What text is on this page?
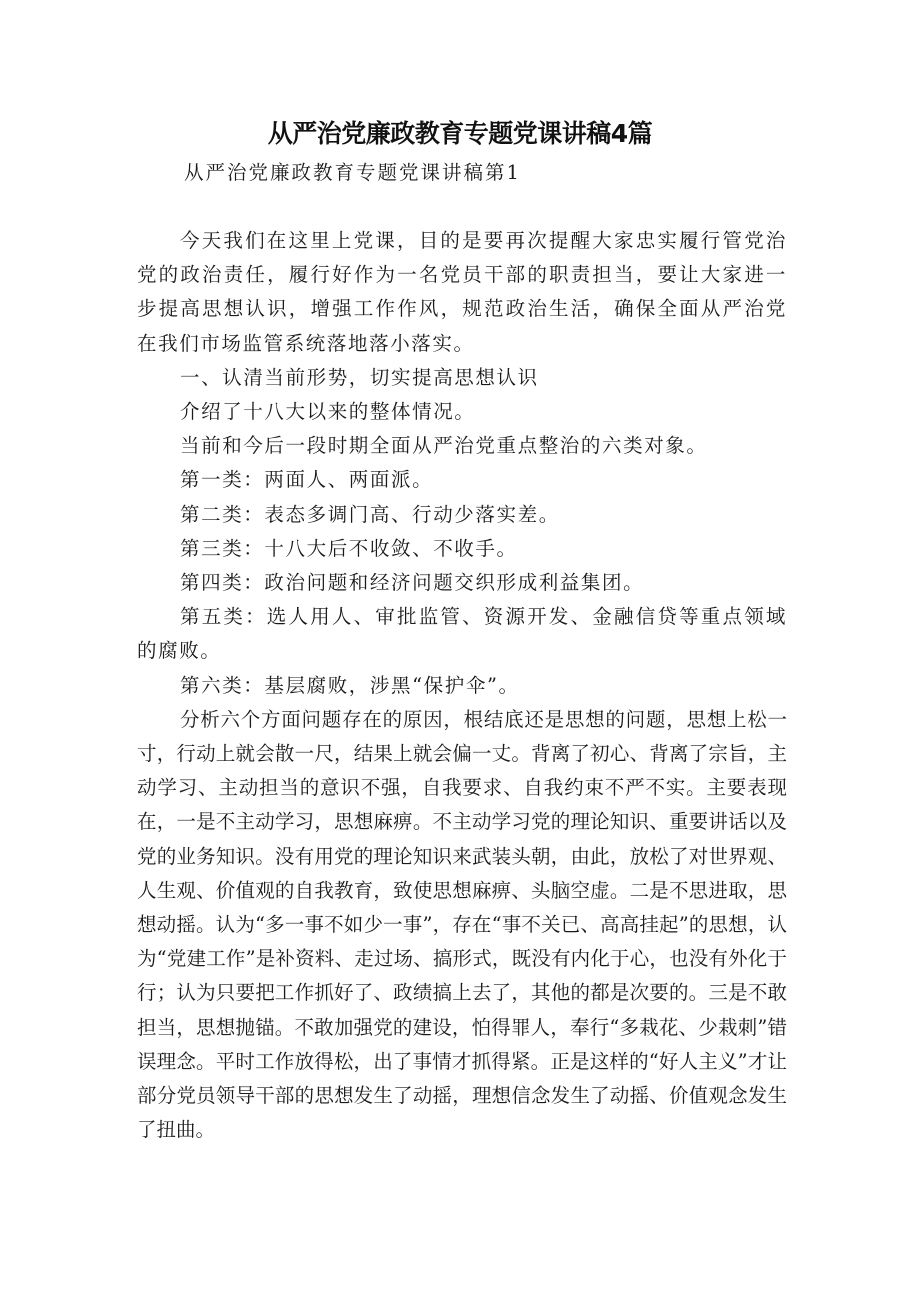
从严治党廉政教育专题党课讲稿4篇
从严治党廉政教育专题党课讲稿第1

今天我们在这里上党课，目的是要再次提醒大家忠实履行管党治党的政治责任，履行好作为一名党员干部的职责担当，要让大家进一步提高思想认识，增强工作作风，规范政治生活，确保全面从严治党在我们市场监管系统落地落小落实。

一、认清当前形势，切实提高思想认识

介绍了十八大以来的整体情况。

当前和今后一段时期全面从严治党重点整治的六类对象。

第一类：两面人、两面派。

第二类：表态多调门高、行动少落实差。

第三类：十八大后不收敛、不收手。

第四类：政治问题和经济问题交织形成利益集团。

第五类：选人用人、审批监管、资源开发、金融信贷等重点领域的腐败。

第六类：基层腐败，涉黑“保护伞”。

分析六个方面问题存在的原因，根结底还是思想的问题，思想上松一寸，行动上就会散一尺，结果上就会偏一丈。背离了初心、背离了宗旨，主动学习、主动担当的意识不强，自我要求、自我约束不严不实。主要表现在，一是不主动学习，思想麻痹。不主动学习党的理论知识、重要讲话以及党的业务知识。没有用党的理论知识来武装头朝，由此，放松了对世界观、人生观、价值观的自我教育，致使思想麻痹、头脑空虚。二是不思进取，思想动摇。认为“多一事不如少一事”，存在“事不关已、高高挂起”的思想，认为“党建工作”是补资料、走过场、搞形式，既没有内化于心，也没有外化于行；认为只要把工作抓好了、政绩搞上去了，其他的都是次要的。三是不敢担当，思想抛锚。不敢加强党的建设，怕得罪人，奉行“多栽花、少栽刺”错误理念。平时工作放得松，出了事情才抓得紧。正是这样的“好人主义”才让部分党员领导干部的思想发生了动摇，理想信念发生了动摇、价值观念发生了扭曲。
